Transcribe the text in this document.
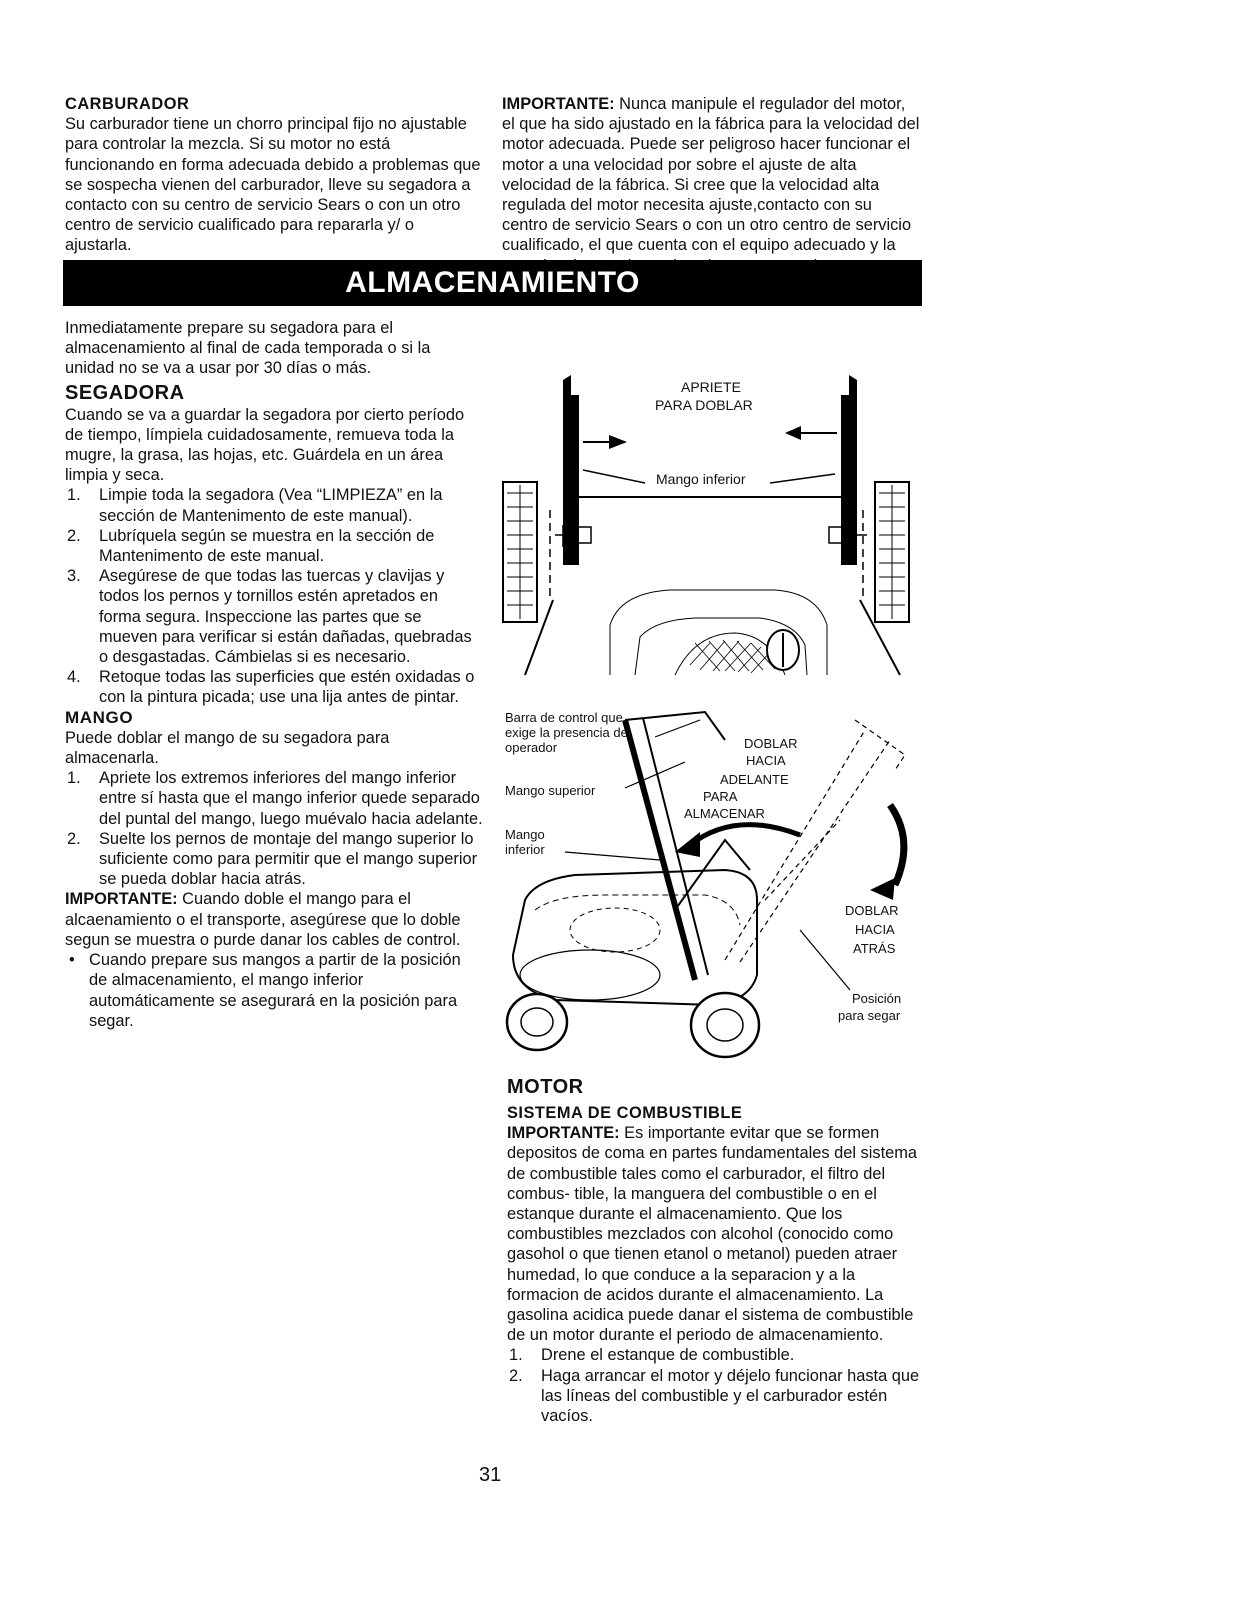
CARBURADOR

Su carburador tiene un chorro principal fijo no ajustable para controlar la mezcla. Si su motor no está funcionando en forma adecuada debido a problemas que se sospecha vienen del carburador, lleve su segadora a contacto con su centro de servicio Sears o con un otro centro de servicio cualificado para repararla y/ o ajustarla.

IMPORTANTE: Nunca manipule el regulador del motor, el que ha sido ajustado en la fábrica para la velocidad del motor adecuada. Puede ser peligroso hacer funcionar el motor a una velocidad por sobre el ajuste de alta velocidad de la fábrica. Si cree que la velocidad alta regulada del motor necesita ajuste,contacto con su centro de servicio Sears o con un otro centro de servicio cualificado, el que cuenta con el equipo adecuado y la

ALMACENAMIENTO

Inmediatamente prepare su segadora para el almacenamiento al final de cada temporada o si la unidad no se va a usar por 30 días o más.

SEGADORA

Cuando se va a guardar la segadora por cierto período de tiempo, límpiela cuidadosamente, remueva toda la mugre, la grasa, las hojas, etc. Guárdela en un área limpia y seca.

1. Limpie toda la segadora (Vea “LIMPIEZA” en la sección de Mantenimento de este manual).
2. Lubríquela según se muestra en la sección de Mantenimento de este manual.
3. Asegúrese de que todas las tuercas y clavijas y todos los pernos y tornillos estén apretados en forma segura. Inspeccione las partes que se mueven para verificar si están dañadas, quebradas o desgastadas. Cámbielas si es necesario.
4. Retoque todas las superficies que estén oxidadas o con la pintura picada; use una lija antes de pintar.
MANGO

Puede doblar el mango de su segadora para almacenarla.

1. Apriete los extremos inferiores del mango inferior entre sí hasta que el mango inferior quede separado del puntal del mango, luego muévalo hacia adelante.
2. Suelte los pernos de montaje del mango superior lo suficiente como para permitir que el mango superior se pueda doblar hacia atrás.

IMPORTANTE: Cuando doble el mango para el alcaenamiento o el transporte, asegúrese que lo doble segun se muestra o purde danar los cables de control.

• Cuando prepare sus mangos a partir de la posición de almacenamiento, el mango inferior automáticamente se asegurará en la posición para segar.
APRIETE
PARA DOBLAR
Mango inferior
Barra de control que
exige la presencia del
operador
Mango superior
Mango
inferior
DOBLAR
HACIA
ADELANTE
PARA
ALMACENAR
DOBLAR
HACIA
ATRÁS
Posición
para segar
MOTOR
SISTEMA DE COMBUSTIBLE

IMPORTANTE: Es importante evitar que se formen depositos de coma en partes fundamentales del sistema de combustible tales como el carburador, el filtro del combus- tible, la manguera del combustible o en el estanque durante el almacenamiento. Que los combustibles mezclados con alcohol (conocido como gasohol o que tienen etanol o metanol) pueden atraer humedad, lo que conduce a la separacion y a la formacion de acidos durante el almacenamiento. La gasolina acidica puede danar el sistema de combustible de un motor durante el periodo de almacenamiento.

1. Drene el estanque de combustible.
2. Haga arrancar el motor y déjelo funcionar hasta que las líneas del combustible y el carburador estén vacíos.
31
